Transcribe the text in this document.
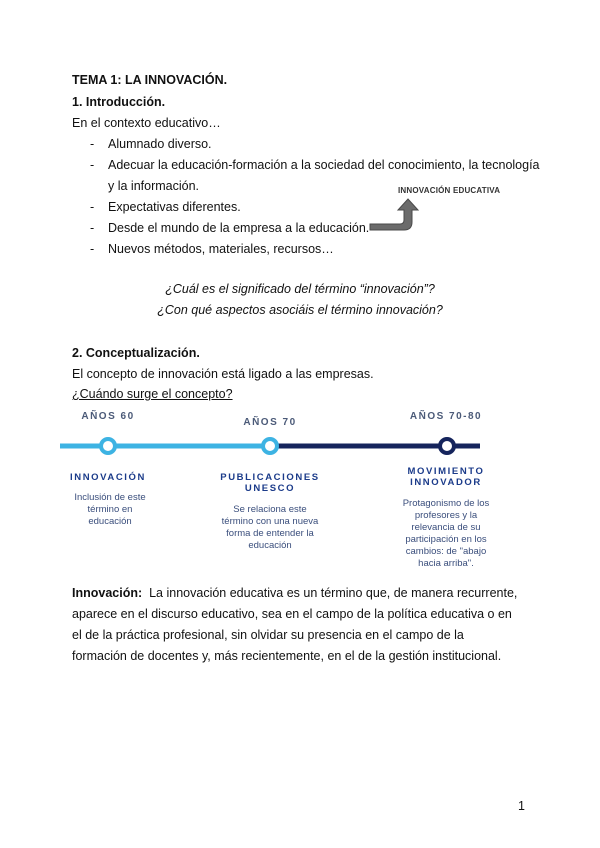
TEMA 1: LA INNOVACIÓN.
1. Introducción.
En el contexto educativo…
- Alumnado diverso.
- Adecuar la educación-formación a la sociedad del conocimiento, la tecnología
y la información.
- Expectativas diferentes.
- Desde el mundo de la empresa a la educación.
- Nuevos métodos, materiales, recursos…
INNOVACIÓN EDUCATIVA
¿Cuál es el significado del término “innovación”?
¿Con qué aspectos asociáis el término innovación?
2. Conceptualización.
El concepto de innovación está ligado a las empresas.
¿Cuándo surge el concepto?
AÑOS 60
AÑOS 70
AÑOS 70-80
INNOVACIÓN	PUBLICACIONES UNESCO
MOVIMIENTO INNOVADOR
Inclusión de este término en educación
Se relaciona este término con una nueva forma de entender la educación
Protagonismo de los profesores y la relevancia de su participación en los cambios: de "abajo hacia arriba".
Innovación: La innovación educativa es un término que, de manera recurrente, aparece en el discurso educativo, sea en el campo de la política educativa o en el de la práctica profesional, sin olvidar su presencia en el campo de la formación de docentes y, más recientemente, en el de la gestión institucional.
1
